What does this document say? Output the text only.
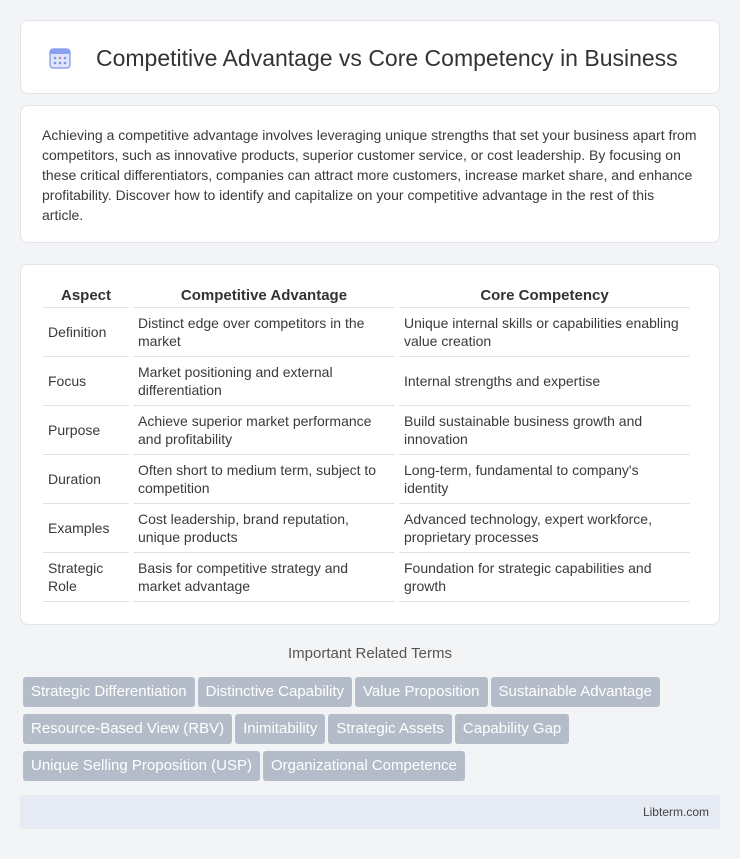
Competitive Advantage vs Core Competency in Business

Achieving a competitive advantage involves leveraging unique strengths that set your business apart from competitors, such as innovative products, superior customer service, or cost leadership. By focusing on these critical differentiators, companies can attract more customers, increase market share, and enhance profitability. Discover how to identify and capitalize on your competitive advantage in the rest of this article.

Aspect	Competitive Advantage	Core Competency
Definition	Distinct edge over competitors in the market	Unique internal skills or capabilities enabling value creation
Focus	Market positioning and external differentiation	Internal strengths and expertise
Purpose	Achieve superior market performance and profitability	Build sustainable business growth and innovation
Duration	Often short to medium term, subject to competition	Long-term, fundamental to company's identity
Examples	Cost leadership, brand reputation, unique products	Advanced technology, expert workforce, proprietary processes
Strategic Role	Basis for competitive strategy and market advantage	Foundation for strategic capabilities and growth
Important Related Terms
Strategic Differentiation Distinctive Capability Value Proposition Sustainable Advantage
Resource-Based View (RBV) Inimitability Strategic Assets Capability Gap
Unique Selling Proposition (USP) Organizational Competence
Libterm.com
